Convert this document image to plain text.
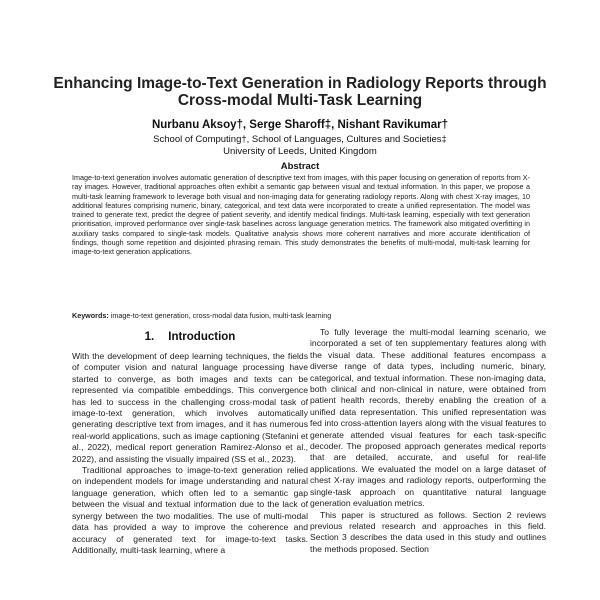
Enhancing Image-to-Text Generation in Radiology Reports through
Cross-modal Multi-Task Learning
Nurbanu Aksoy†, Serge Sharoff‡, Nishant Ravikumar†
School of Computing†, School of Languages, Cultures and Societies‡
University of Leeds, United Kingdom
Abstract
Image-to-text generation involves automatic generation of descriptive text from images, with this paper focusing on generation of reports from X-ray images. However, traditional approaches often exhibit a semantic gap between visual and textual information. In this paper, we propose a multi-task learning framework to leverage both visual and non-imaging data for generating radiology reports. Along with chest X-ray images, 10 additional features comprising numeric, binary, categorical, and text data were incorporated to create a unified representation. The model was trained to generate text, predict the degree of patient severity, and identify medical findings. Multi-task learning, especially with text generation prioritisation, improved performance over single-task baselines across language generation metrics. The framework also mitigated overfitting in auxiliary tasks compared to single-task models. Qualitative analysis shows more coherent narratives and more accurate identification of findings, though some repetition and disjointed phrasing remain. This study demonstrates the benefits of multi-modal, multi-task learning for image-to-text generation applications.
Keywords: image-to-text generation, cross-modal data fusion, multi-task learning
1. Introduction

With the development of deep learning techniques, the fields of computer vision and natural language processing have started to converge, as both images and texts can be represented via compatible embeddings. This convergence has led to success in the challenging cross-modal task of image-to-text generation, which involves automatically generating descriptive text from images, and it has numerous real-world applications, such as image captioning (Stefanini et al., 2022), medical report generation Ramirez-Alonso et al., 2022), and assisting the visually impaired (SS et al., 2023).

Traditional approaches to image-to-text generation relied on independent models for image understanding and natural language generation, which often led to a semantic gap between the visual and textual information due to the lack of synergy between the two modalities. The use of multi-modal data has provided a way to improve the coherence and accuracy of generated text for image-to-text tasks. Additionally, multi-task learning, where a

To fully leverage the multi-modal learning scenario, we incorporated a set of ten supplementary features along with the visual data. These additional features encompass a diverse range of data types, including numeric, binary, categorical, and textual information. These non-imaging data, both clinical and non-clinical in nature, were obtained from patient health records, thereby enabling the creation of a unified data representation. This unified representation was fed into cross-attention layers along with the visual features to generate attended visual features for each task-specific decoder. The proposed approach generates medical reports that are detailed, accurate, and useful for real-life applications. We evaluated the model on a large dataset of chest X-ray images and radiology reports, outperforming the single-task approach on quantitative natural language generation evaluation metrics.

This paper is structured as follows. Section 2 reviews previous related research and approaches in this field. Section 3 describes the data used in this study and outlines the methods proposed. Section
